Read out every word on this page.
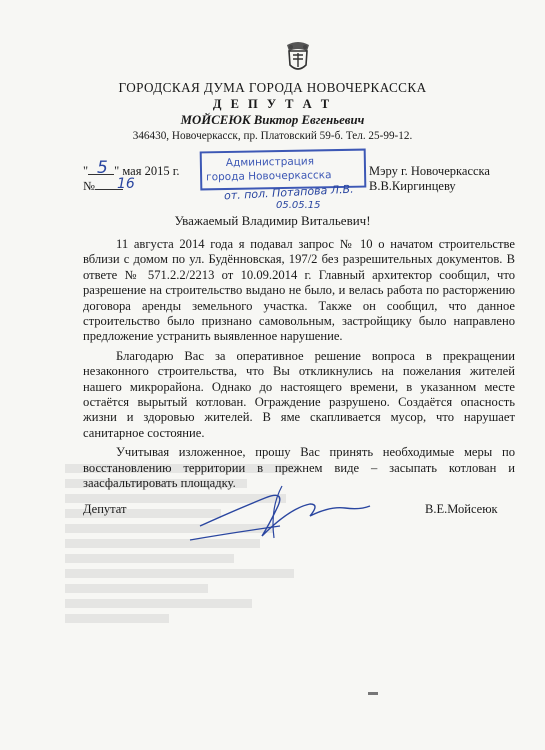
ГОРОДСКАЯ ДУМА ГОРОДА НОВОЧЕРКАССКА
Д Е П У Т А Т
МОЙСЕЮК Виктор Евгеньевич
346430, Новочеркасск, пр. Платовский 59-б. Тел. 25-99-12.
" " мая 2015 г.
5
№	16
Администрация
города Новочеркасска
от. пол. Потапова Л.В.
05.05.15
Мэру г. Новочеркасска
В.В.Киргинцеву
Уважаемый Владимир Витальевич!

11 августа 2014 года я подавал запрос № 10 о начатом строительстве вблизи с домом по ул. Будённовская, 197/2 без разрешительных документов. В ответе № 571.2.2/2213 от 10.09.2014 г. Главный архитектор сообщил, что разрешение на строительство выдано не было, и велась работа по расторжению договора аренды земельного участка. Также он сообщил, что данное строительство было признано самовольным, застройщику было направлено предложение устранить выявленное нарушение.

Благодарю Вас за оперативное решение вопроса в прекращении незаконного строительства, что Вы откликнулись на пожелания жителей нашего микрорайона. Однако до настоящего времени, в указанном месте остаётся вырытый котлован. Ограждение разрушено. Создаётся опасность жизни и здоровью жителей. В яме скапливается мусор, что нарушает санитарное состояние.

Учитывая изложенное, прошу Вас принять необходимые меры по восстановлению территории в прежнем виде – засыпать котлован и заасфальтировать площадку.

Депутат	В.Е.Мойсеюк
